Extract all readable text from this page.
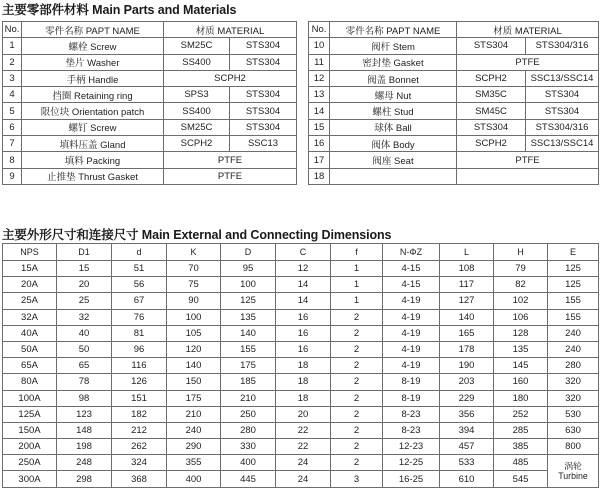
主要零部件材料 Main Parts and Materials
No.	零件名称 PAPT NAME	材质 MATERIAL	
1	螺栓 Screw	SM25C	STS304
2	垫片 Washer	SS400	STS304
3	手柄 Handle	SCPH2	
4	挡圈 Retaining ring	SPS3	STS304
5	限位块 Orientation patch	SS400	STS304
6	螺钉 Screw	SM25C	STS304
7	填料压盖 Gland	SCPH2	SSC13
8	填料 Packing	PTFE	
9	止推垫 Thrust Gasket	PTFE	
No.	零件名称 PAPT NAME	材质 MATERIAL	
10	阀杆 Stem	STS304	STS304/316
11	密封垫 Gasket	PTFE	
12	阀盖 Bonnet	SCPH2	SSC13/SSC14
13	螺母 Nut	SM35C	STS304
14	螺柱 Stud	SM45C	STS304
15	球体 Ball	STS304	STS304/316
16	阀体 Body	SCPH2	SSC13/SSC14
17	阀座 Seat	PTFE	
18			
主要外形尺寸和连接尺寸 Main External and Connecting Dimensions
NPS	D1	d	K	D	C	f	N-ΦZ	L	H	E
15A	15	51	70	95	12	1	4-15	108	79	125
20A	20	56	75	100	14	1	4-15	117	82	125
25A	25	67	90	125	14	1	4-19	127	102	155
32A	32	76	100	135	16	2	4-19	140	106	155
40A	40	81	105	140	16	2	4-19	165	128	240
50A	50	96	120	155	16	2	4-19	178	135	240
65A	65	116	140	175	18	2	4-19	190	145	280
80A	78	126	150	185	18	2	8-19	203	160	320
100A	98	151	175	210	18	2	8-19	229	180	320
125A	123	182	210	250	20	2	8-23	356	252	530
150A	148	212	240	280	22	2	8-23	394	285	630
200A	198	262	290	330	22	2	12-23	457	385	800
250A	248	324	355	400	24	2	12-25	533	485	涡轮
Turbine

300A	298	368	400	445	24	3	16-25	610	545	
